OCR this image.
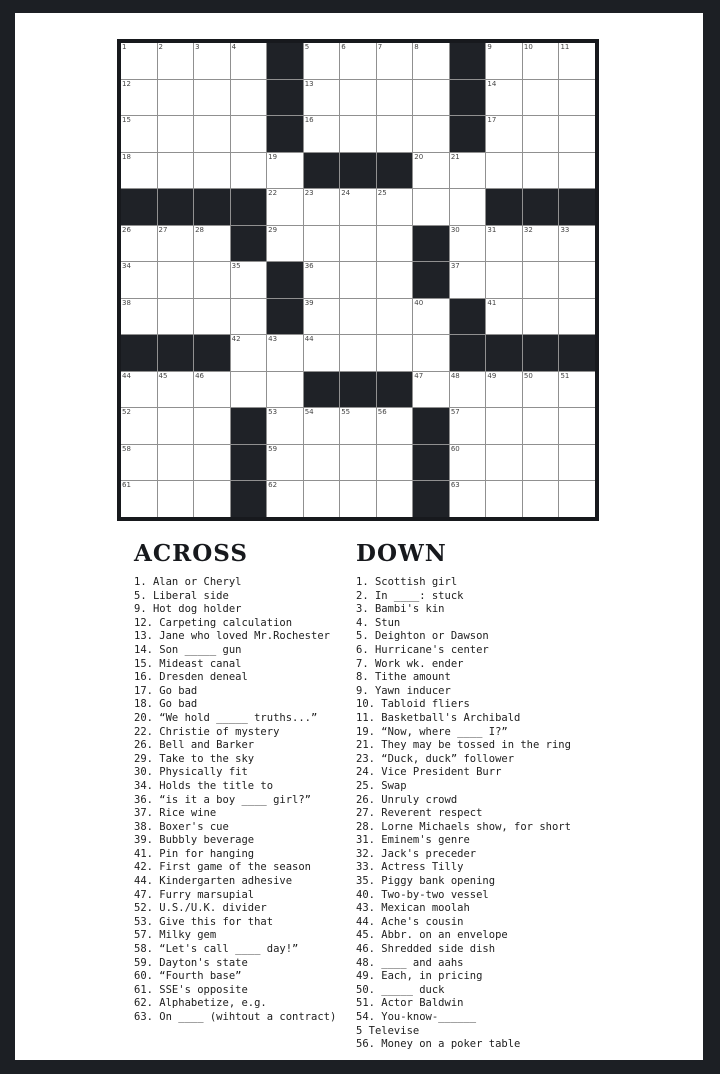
1	2	3	4	5	6	7	8	9	10	11
12	13	14
15	16	17
18	19	20	21
22	23	24	25
26	27	28	29	30	31	32	33
34	35	36	37
38	39	40	41
42	43	44
44	45	46	47	48	49	50	51
52	53	54	55	56	57
58	59	60
61	62	63
ACROSS
1. Alan or Cheryl
5. Liberal side
9. Hot dog holder
12. Carpeting calculation
13. Jane who loved Mr.Rochester
14. Son _____ gun
15. Mideast canal
16. Dresden deneal
17. Go bad
18. Go bad
20. “We hold _____ truths...”
22. Christie of mystery
26. Bell and Barker
29. Take to the sky
30. Physically fit
34. Holds the title to
36. “is it a boy ____ girl?”
37. Rice wine
38. Boxer's cue
39. Bubbly beverage
41. Pin for hanging
42. First game of the season
44. Kindergarten adhesive
47. Furry marsupial
52. U.S./U.K. divider
53. Give this for that
57. Milky gem
58. “Let's call ____ day!”
59. Dayton's state
60. “Fourth base”
61. SSE's opposite
62. Alphabetize, e.g.
63. On ____ (wihtout a contract)
DOWN
1. Scottish girl
2. In ____: stuck
3. Bambi's kin
4. Stun
5. Deighton or Dawson
6. Hurricane's center
7. Work wk. ender
8. Tithe amount
9. Yawn inducer
10. Tabloid fliers
11. Basketball's Archibald
19. “Now, where ____ I?”
21. They may be tossed in the ring
23. “Duck, duck” follower
24. Vice President Burr
25. Swap
26. Unruly crowd
27. Reverent respect
28. Lorne Michaels show, for short
31. Eminem's genre
32. Jack's preceder
33. Actress Tilly
35. Piggy bank opening
40. Two-by-two vessel
43. Mexican moolah
44. Ache's cousin
45. Abbr. on an envelope
46. Shredded side dish
48. ____ and aahs
49. Each, in pricing
50. _____ duck
51. Actor Baldwin
54. You-know-______
5 Televise
56. Money on a poker table
